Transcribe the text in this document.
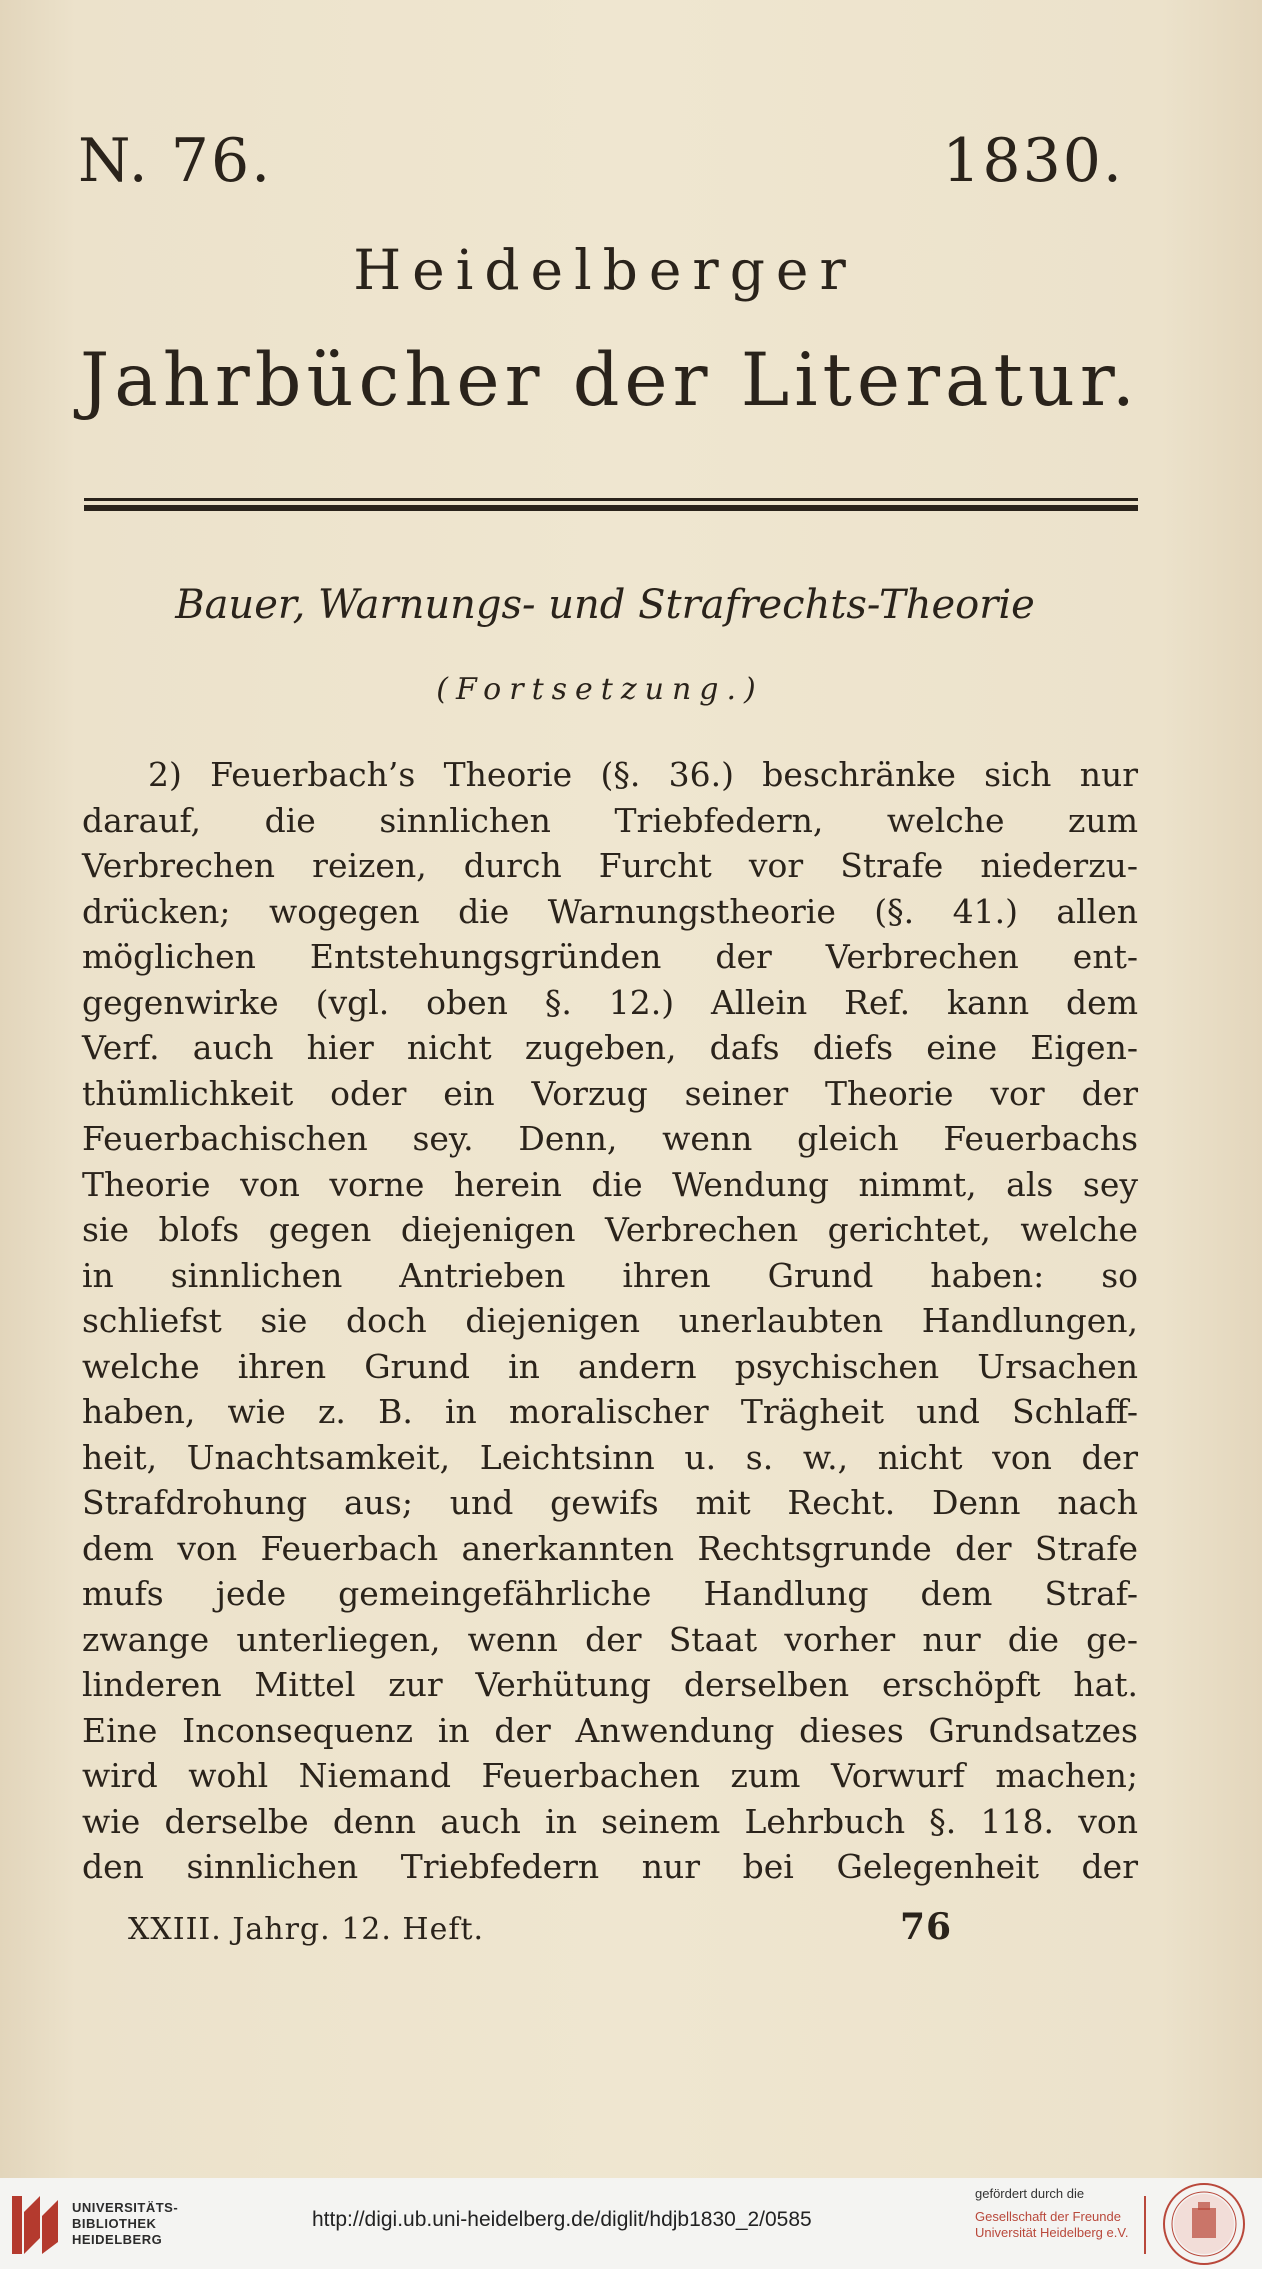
N. 76.	1830.
Heidelberger
Jahrbücher der Literatur.
Bauer, Warnungs- und Strafrechts-Theorie
(Fortsetzung.)
2) Feuerbach’s Theorie (§. 36.) beschränke sich nur
darauf, die sinnlichen Triebfedern, welche zum
Verbrechen reizen, durch Furcht vor Strafe niederzu-
drücken; wogegen die Warnungstheorie (§. 41.) allen
möglichen Entstehungsgründen der Verbrechen ent-
gegenwirke (vgl. oben §. 12.) Allein Ref. kann dem
Verf. auch hier nicht zugeben, dafs diefs eine Eigen-
thümlichkeit oder ein Vorzug seiner Theorie vor der
Feuerbachischen sey. Denn, wenn gleich Feuerbachs
Theorie von vorne herein die Wendung nimmt, als sey
sie blofs gegen diejenigen Verbrechen gerichtet, welche
in sinnlichen Antrieben ihren Grund haben: so
schliefst sie doch diejenigen unerlaubten Handlungen,
welche ihren Grund in andern psychischen Ursachen
haben, wie z. B. in moralischer Trägheit und Schlaff-
heit, Unachtsamkeit, Leichtsinn u. s. w., nicht von der
Strafdrohung aus; und gewifs mit Recht. Denn nach
dem von Feuerbach anerkannten Rechtsgrunde der Strafe
mufs jede gemeingefährliche Handlung dem Straf-
zwange unterliegen, wenn der Staat vorher nur die ge-
linderen Mittel zur Verhütung derselben erschöpft hat.
Eine Inconsequenz in der Anwendung dieses Grundsatzes
wird wohl Niemand Feuerbachen zum Vorwurf machen;
wie derselbe denn auch in seinem Lehrbuch §. 118. von
den sinnlichen Triebfedern nur bei Gelegenheit der
XXIII. Jahrg. 12. Heft.	76
UNIVERSITÄTS-
BIBLIOTHEK
HEIDELBERG
http://digi.ub.uni-heidelberg.de/diglit/hdjb1830_2/0585
gefördert durch die
Gesellschaft der Freunde
Universität Heidelberg e.V.
